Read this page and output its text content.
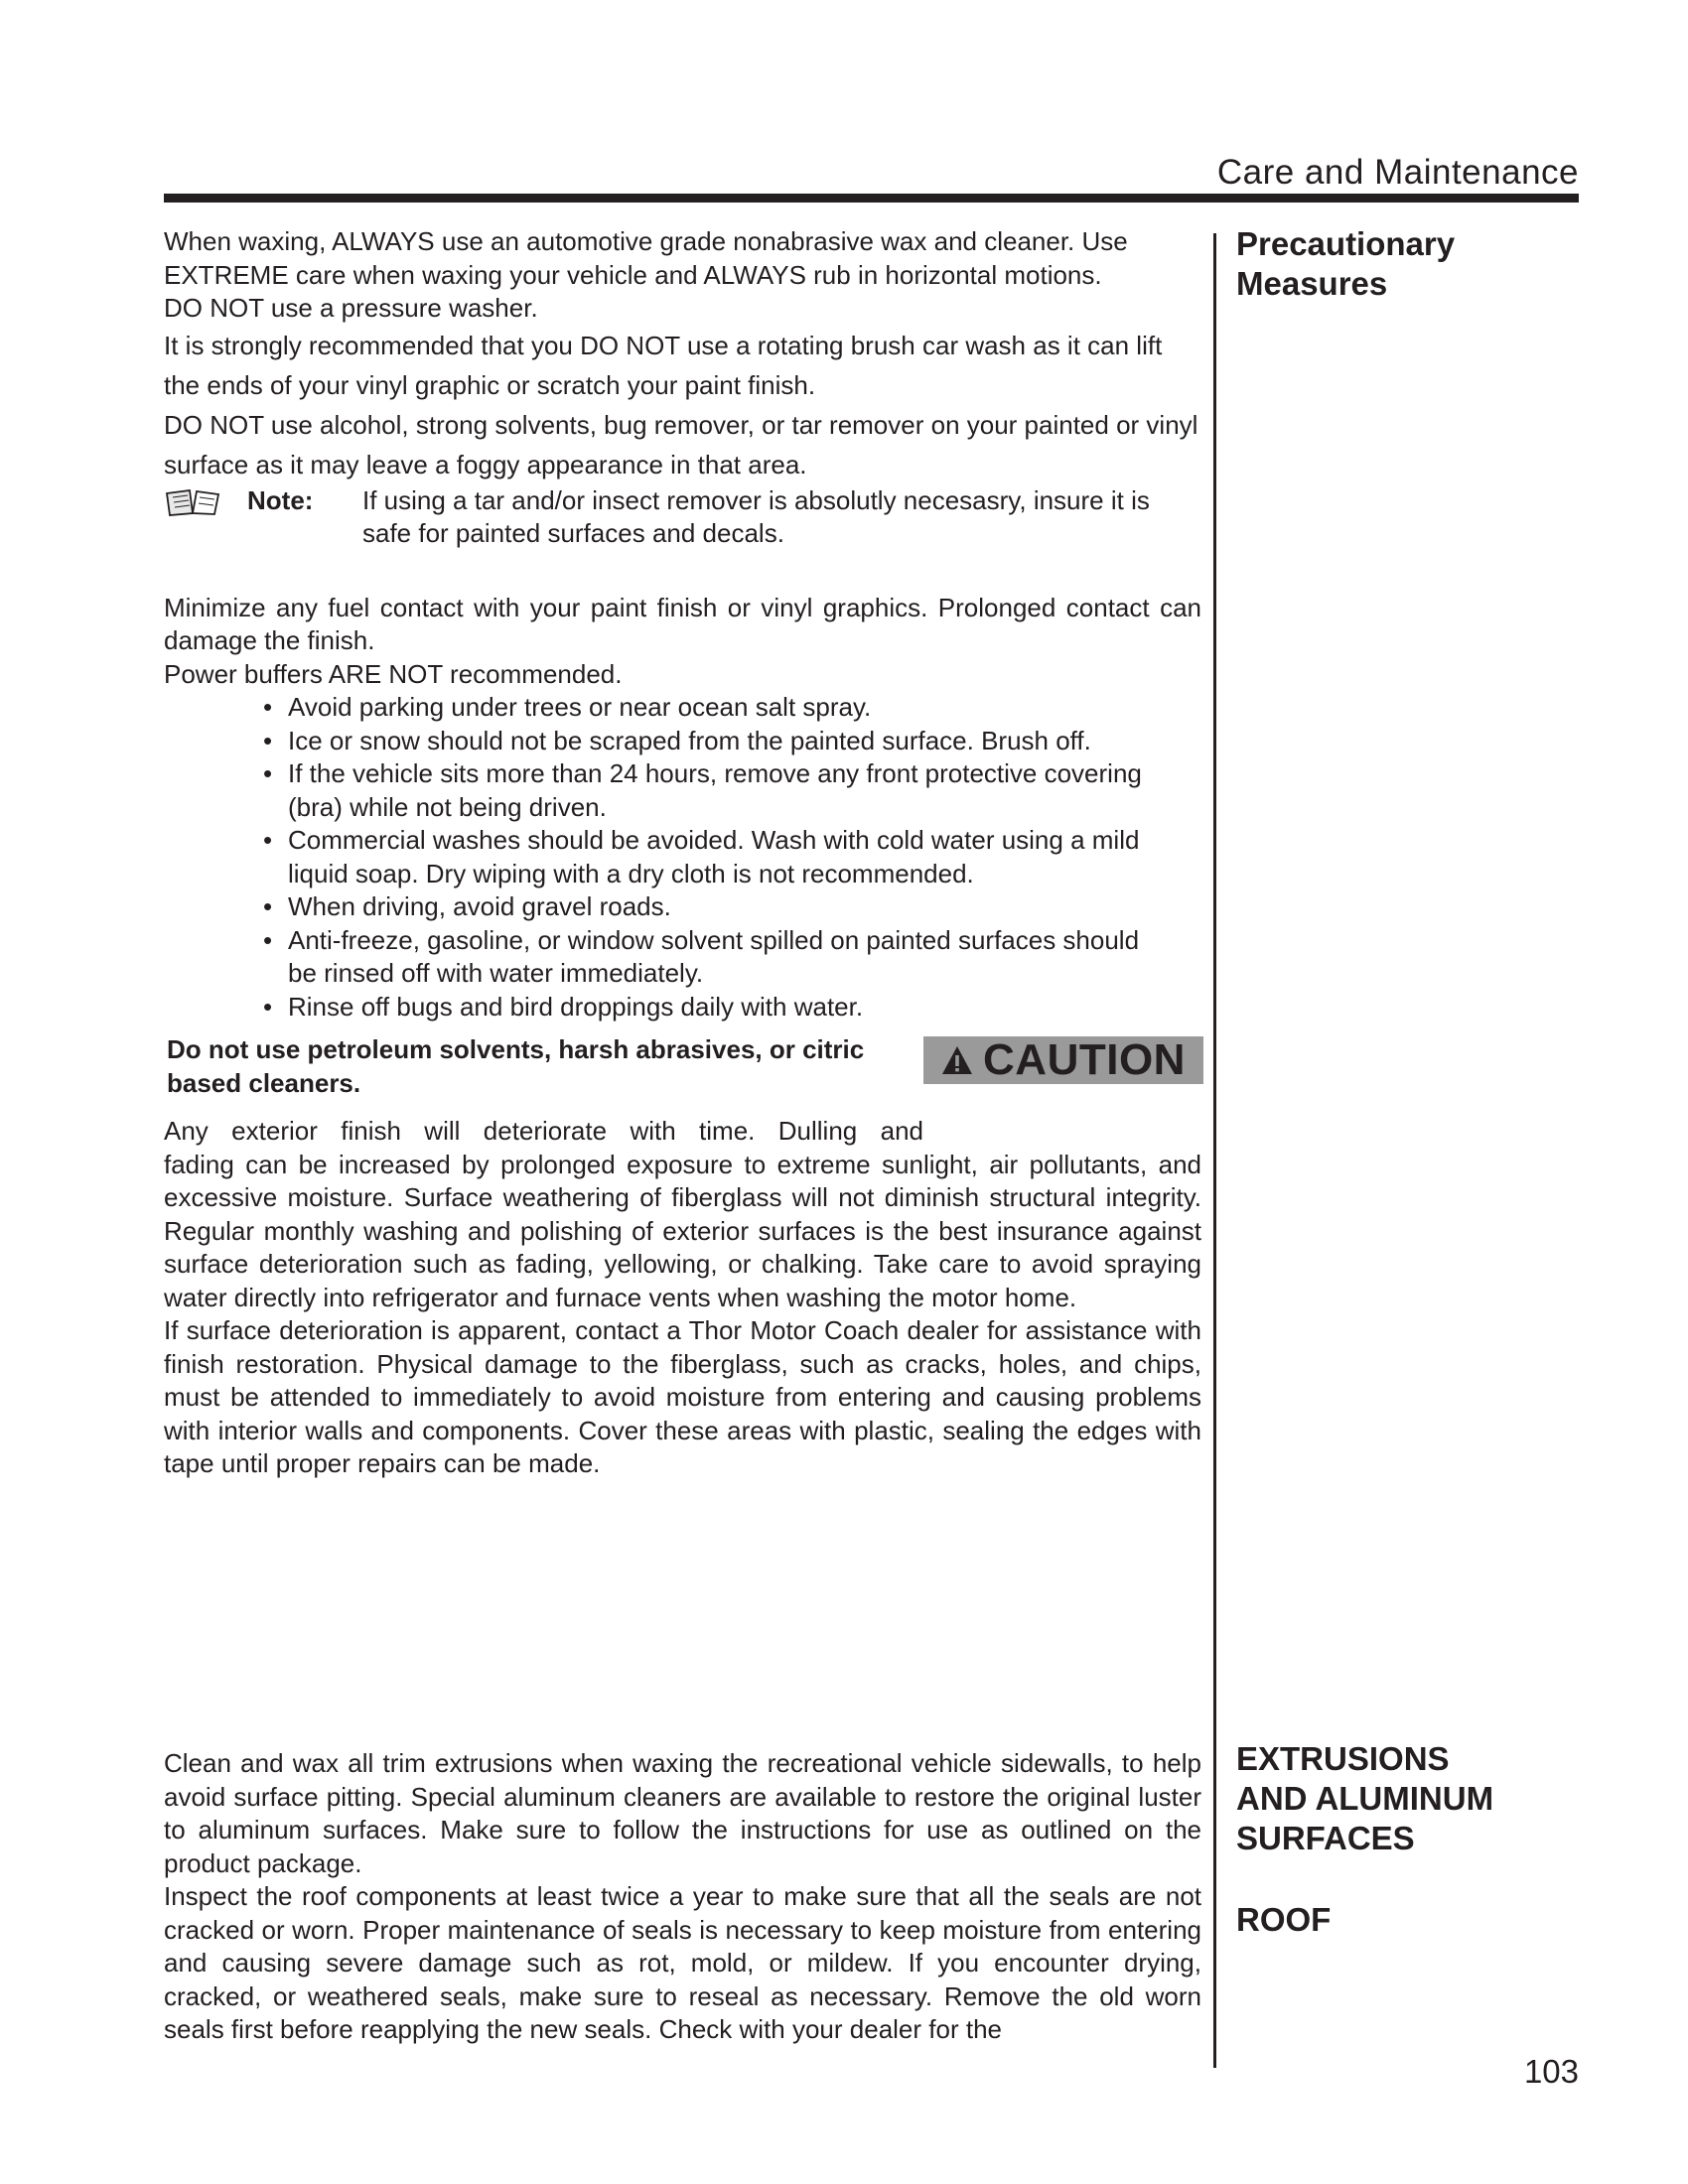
Care and Maintenance

When waxing, ALWAYS use an automotive grade nonabrasive wax and cleaner. Use EXTREME care when waxing your vehicle and ALWAYS rub in horizontal motions.

DO NOT use a pressure washer.

It is strongly recommended that you DO NOT use a rotating brush car wash as it can lift the ends of your vinyl graphic or scratch your paint finish.

DO NOT use alcohol, strong solvents, bug remover, or tar remover on your painted or vinyl surface as it may leave a foggy appearance in that area.

Note: If using a tar and/or insect remover is absolutly necesasry, insure it is safe for painted surfaces and decals.

Minimize any fuel contact with your paint finish or vinyl graphics. Prolonged contact can damage the finish.

Power buffers ARE NOT recommended.

• Avoid parking under trees or near ocean salt spray.
• Ice or snow should not be scraped from the painted surface. Brush off.
• If the vehicle sits more than 24 hours, remove any front protective covering (bra) while not being driven.
• Commercial washes should be avoided. Wash with cold water using a mild liquid soap. Dry wiping with a dry cloth is not recommended.
• When driving, avoid gravel roads.
• Anti-freeze, gasoline, or window solvent spilled on painted surfaces should be rinsed off with water immediately.
• Rinse off bugs and bird droppings daily with water.
Do not use petroleum solvents, harsh abrasives, or citric based cleaners.	CAUTION

Any exterior finish will deteriorate with time. Dulling and

fading can be increased by prolonged exposure to extreme sunlight, air pollutants, and excessive moisture. Surface weathering of fiberglass will not diminish structural integrity. Regular monthly washing and polishing of exterior surfaces is the best insurance against surface deterioration such as fading, yellowing, or chalking. Take care to avoid spraying water directly into refrigerator and furnace vents when washing the motor home.

If surface deterioration is apparent, contact a Thor Motor Coach dealer for assistance with finish restoration. Physical damage to the fiberglass, such as cracks, holes, and chips, must be attended to immediately to avoid moisture from entering and causing problems with interior walls and components. Cover these areas with plastic, sealing the edges with tape until proper repairs can be made.

Clean and wax all trim extrusions when waxing the recreational vehicle sidewalls, to help avoid surface pitting. Special aluminum cleaners are available to restore the original luster to aluminum surfaces. Make sure to follow the instructions for use as outlined on the product package.

Inspect the roof components at least twice a year to make sure that all the seals are not cracked or worn. Proper maintenance of seals is necessary to keep moisture from entering and causing severe damage such as rot, mold, or mildew. If you encounter drying, cracked, or weathered seals, make sure to reseal as necessary. Remove the old worn seals first before reapplying the new seals. Check with your dealer for the

Precautionary
Measures
EXTRUSIONS
AND ALUMINUM
SURFACES
ROOF
103
